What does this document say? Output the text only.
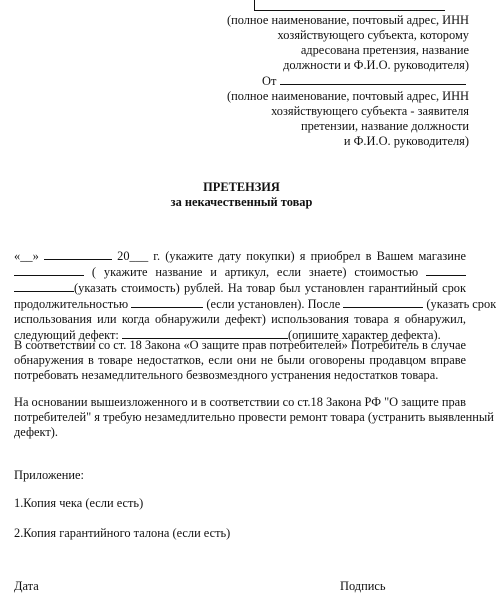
(полное наименование, почтовый адрес, ИНН
хозяйствующего субъекта, которому
адресована претензия, название
должности и Ф.И.О. руководителя)
От
(полное наименование, почтовый адрес, ИНН
хозяйствующего субъекта - заявителя
претензии, название должности
и Ф.И.О. руководителя)
ПРЕТЕНЗИЯ
за некачественный товар
«__»	20___ г. (укажите дату покупки) я приобрел в Вашем магазине
( укажите название и артикул, если знаете) стоимостью
(указать стоимость) рублей. На товар был установлен гарантийный срок
продолжительностью	(если установлен). После	(указать срок
использования или когда обнаружили дефект) использования товара я обнаружил,
следующий дефект:	(опишите характер дефекта).
В соответствии со ст. 18 Закона «О защите прав потребителей» Потребитель в случае
обнаружения в товаре недостатков, если они не были оговорены продавцом вправе
потребовать незамедлительного безвозмездного устранения недостатков товара.
На основании вышеизложенного и в соответствии со ст.18 Закона РФ "О защите прав
потребителей" я требую незамедлительно провести ремонт товара (устранить выявленный
дефект).
Приложение:
1.Копия чека (если есть)
2.Копия гарантийного талона (если есть)
Дата	Подпись
